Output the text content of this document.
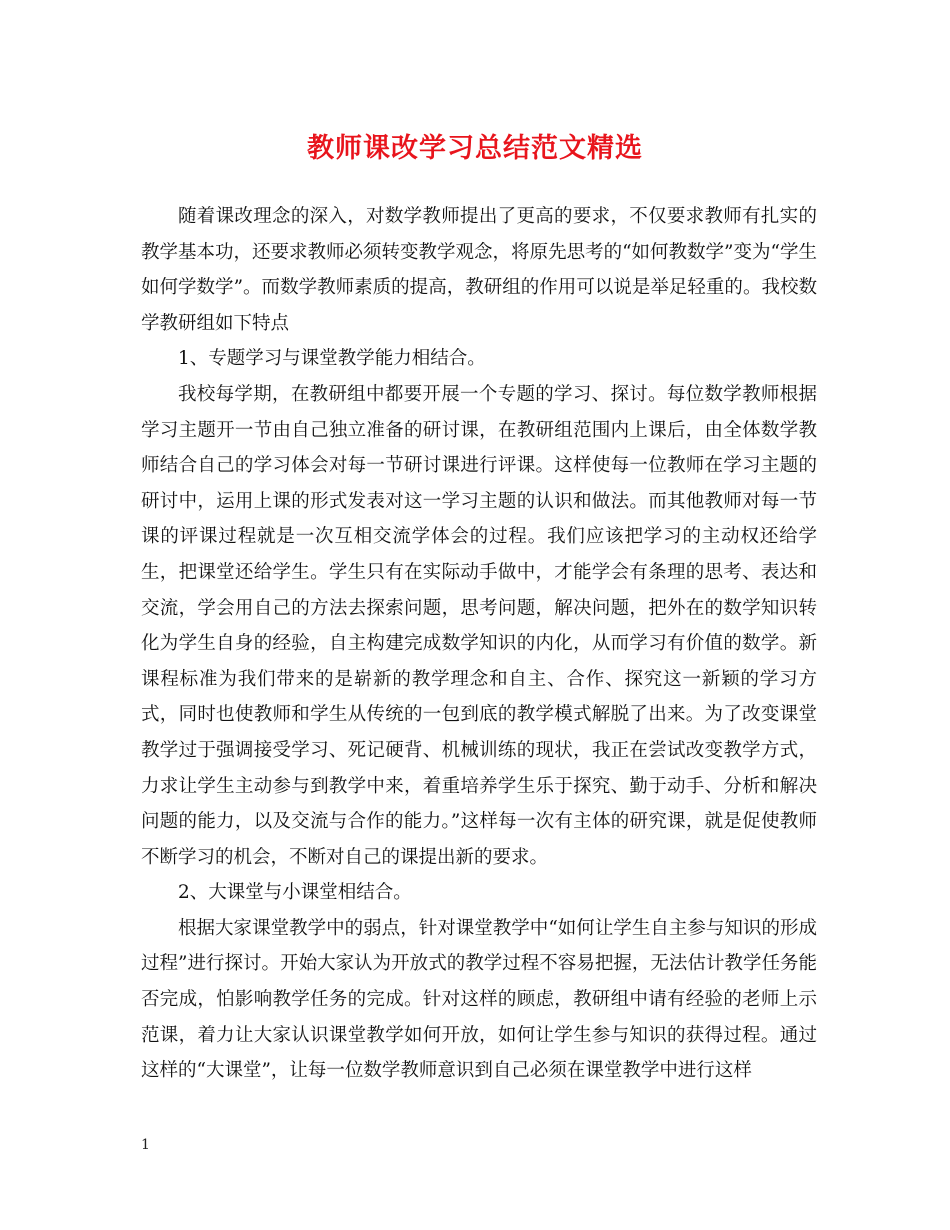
教师课改学习总结范文精选

随着课改理念的深入，对数学教师提出了更高的要求，不仅要求教师有扎实的教学基本功，还要求教师必须转变教学观念，将原先思考的“如何教数学”变为“学生如何学数学”。而数学教师素质的提高，教研组的作用可以说是举足轻重的。我校数学教研组如下特点

1、专题学习与课堂教学能力相结合。

我校每学期，在教研组中都要开展一个专题的学习、探讨。每位数学教师根据学习主题开一节由自己独立准备的研讨课，在教研组范围内上课后，由全体数学教师结合自己的学习体会对每一节研讨课进行评课。这样使每一位教师在学习主题的研讨中，运用上课的形式发表对这一学习主题的认识和做法。而其他教师对每一节课的评课过程就是一次互相交流学体会的过程。我们应该把学习的主动权还给学生，把课堂还给学生。学生只有在实际动手做中，才能学会有条理的思考、表达和交流，学会用自己的方法去探索问题，思考问题，解决问题，把外在的数学知识转化为学生自身的经验，自主构建完成数学知识的内化，从而学习有价值的数学。新课程标准为我们带来的是崭新的教学理念和自主、合作、探究这一新颖的学习方式，同时也使教师和学生从传统的一包到底的教学模式解脱了出来。为了改变课堂教学过于强调接受学习、死记硬背、机械训练的现状，我正在尝试改变教学方式，力求让学生主动参与到教学中来，着重培养学生乐于探究、勤于动手、分析和解决问题的能力，以及交流与合作的能力。”这样每一次有主体的研究课，就是促使教师不断学习的机会，不断对自己的课提出新的要求。

2、大课堂与小课堂相结合。

根据大家课堂教学中的弱点，针对课堂教学中“如何让学生自主参与知识的形成过程”进行探讨。开始大家认为开放式的教学过程不容易把握，无法估计教学任务能否完成，怕影响教学任务的完成。针对这样的顾虑，教研组中请有经验的老师上示范课，着力让大家认识课堂教学如何开放，如何让学生参与知识的获得过程。通过这样的“大课堂”，让每一位数学教师意识到自己必须在课堂教学中进行这样

1
